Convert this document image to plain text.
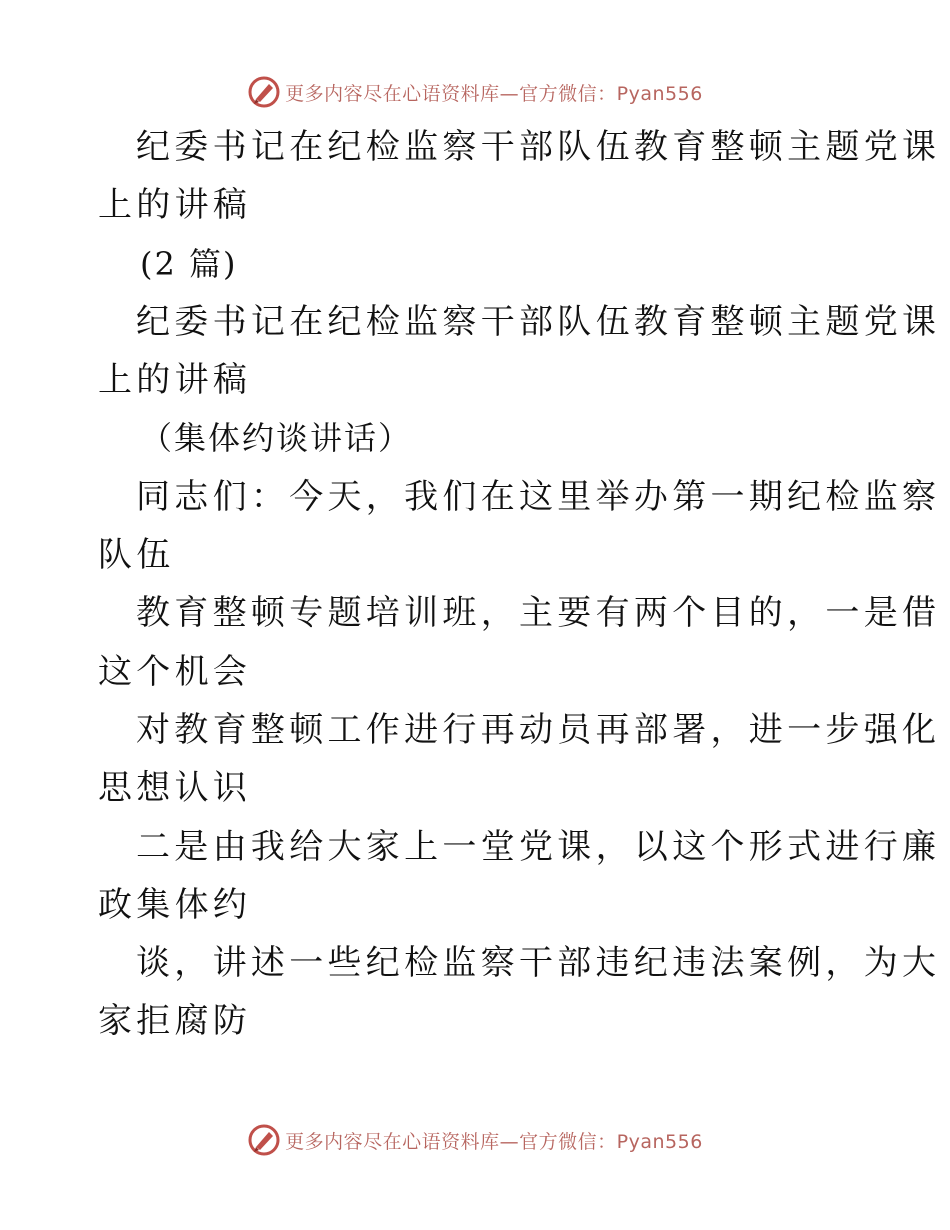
更多内容尽在心语资料库—官方微信：Pyan556
纪委书记在纪检监察干部队伍教育整顿主题党课
上的讲稿
(2 篇)
纪委书记在纪检监察干部队伍教育整顿主题党课
上的讲稿
（集体约谈讲话）
同志们：今天，我们在这里举办第一期纪检监察
队伍
教育整顿专题培训班，主要有两个目的，一是借
这个机会
对教育整顿工作进行再动员再部署，进一步强化
思想认识
二是由我给大家上一堂党课，以这个形式进行廉
政集体约
谈，讲述一些纪检监察干部违纪违法案例，为大
家拒腐防
更多内容尽在心语资料库—官方微信：Pyan556
